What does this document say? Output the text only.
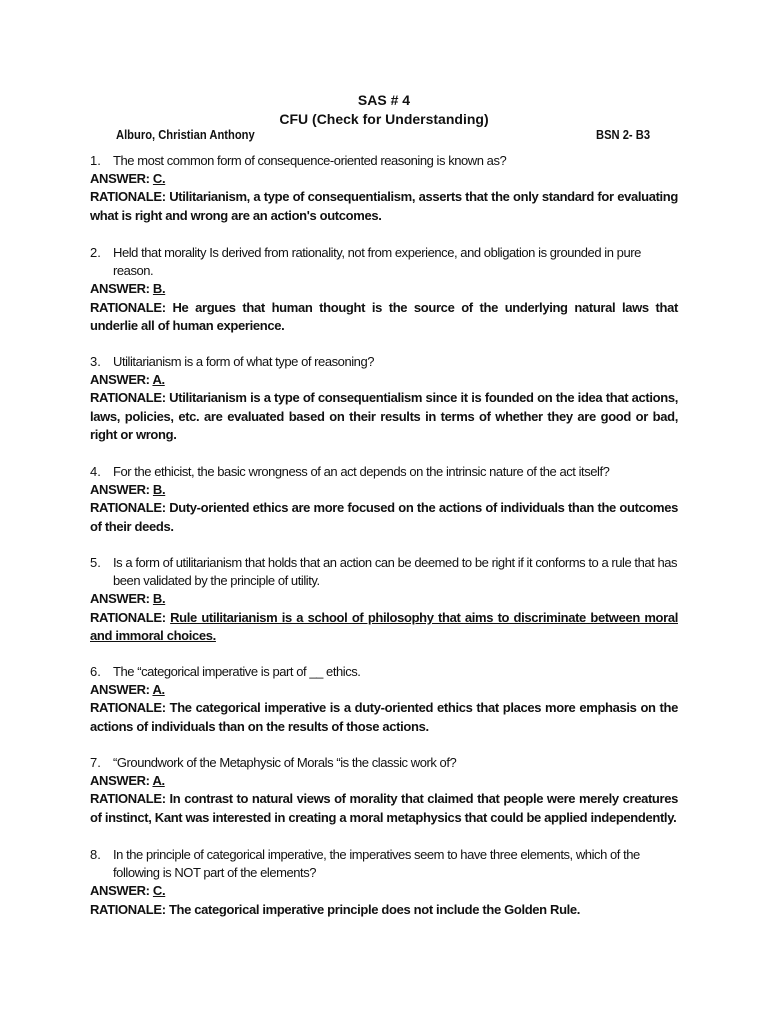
SAS # 4
CFU (Check for Understanding)
Alburo, Christian Anthony	BSN 2- B3
1. The most common form of consequence-oriented reasoning is known as?
ANSWER: C.
RATIONALE: Utilitarianism, a type of consequentialism, asserts that the only standard for evaluating what is right and wrong are an action's outcomes.
2. Held that morality Is derived from rationality, not from experience, and obligation is grounded in pure reason.
ANSWER: B.
RATIONALE: He argues that human thought is the source of the underlying natural laws that underlie all of human experience.
3. Utilitarianism is a form of what type of reasoning?
ANSWER: A.
RATIONALE: Utilitarianism is a type of consequentialism since it is founded on the idea that actions, laws, policies, etc. are evaluated based on their results in terms of whether they are good or bad, right or wrong.
4. For the ethicist, the basic wrongness of an act depends on the intrinsic nature of the act itself?
ANSWER: B.
RATIONALE: Duty-oriented ethics are more focused on the actions of individuals than the outcomes of their deeds.
5. Is a form of utilitarianism that holds that an action can be deemed to be right if it conforms to a rule that has been validated by the principle of utility.
ANSWER: B.
RATIONALE: Rule utilitarianism is a school of philosophy that aims to discriminate between moral and immoral choices.
6. The “categorical imperative is part of __ ethics.
ANSWER: A.
RATIONALE: The categorical imperative is a duty-oriented ethics that places more emphasis on the actions of individuals than on the results of those actions.
7. “Groundwork of the Metaphysic of Morals “is the classic work of?
ANSWER: A.
RATIONALE: In contrast to natural views of morality that claimed that people were merely creatures of instinct, Kant was interested in creating a moral metaphysics that could be applied independently.
8. In the principle of categorical imperative, the imperatives seem to have three elements, which of the following is NOT part of the elements?
ANSWER: C.
RATIONALE: The categorical imperative principle does not include the Golden Rule.
